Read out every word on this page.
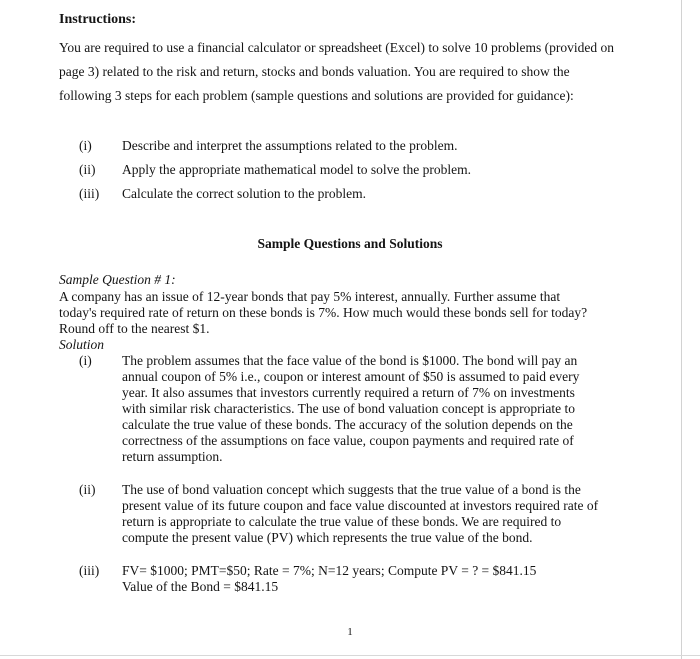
Instructions:

You are required to use a financial calculator or spreadsheet (Excel) to solve 10 problems (provided on page 3) related to the risk and return, stocks and bonds valuation. You are required to show the following 3 steps for each problem (sample questions and solutions are provided for guidance):

(i)	Describe and interpret the assumptions related to the problem.
(ii)	Apply the appropriate mathematical model to solve the problem.
(iii)	Calculate the correct solution to the problem.
Sample Questions and Solutions
Sample Question # 1:

A company has an issue of 12-year bonds that pay 5% interest, annually. Further assume that today's required rate of return on these bonds is 7%. How much would these bonds sell for today? Round off to the nearest $1.

Solution
(i) The problem assumes that the face value of the bond is $1000. The bond will pay an annual coupon of 5% i.e., coupon or interest amount of $50 is assumed to paid every year. It also assumes that investors currently required a return of 7% on investments with similar risk characteristics. The use of bond valuation concept is appropriate to calculate the true value of these bonds. The accuracy of the solution depends on the correctness of the assumptions on face value, coupon payments and required rate of return assumption.

(ii) The use of bond valuation concept which suggests that the true value of a bond is the present value of its future coupon and face value discounted at investors required rate of return is appropriate to calculate the true value of these bonds. We are required to compute the present value (PV) which represents the true value of the bond.

(iii) FV= $1000; PMT=$50; Rate = 7%; N=12 years; Compute PV = ? = $841.15
Value of the Bond = $841.15
1
